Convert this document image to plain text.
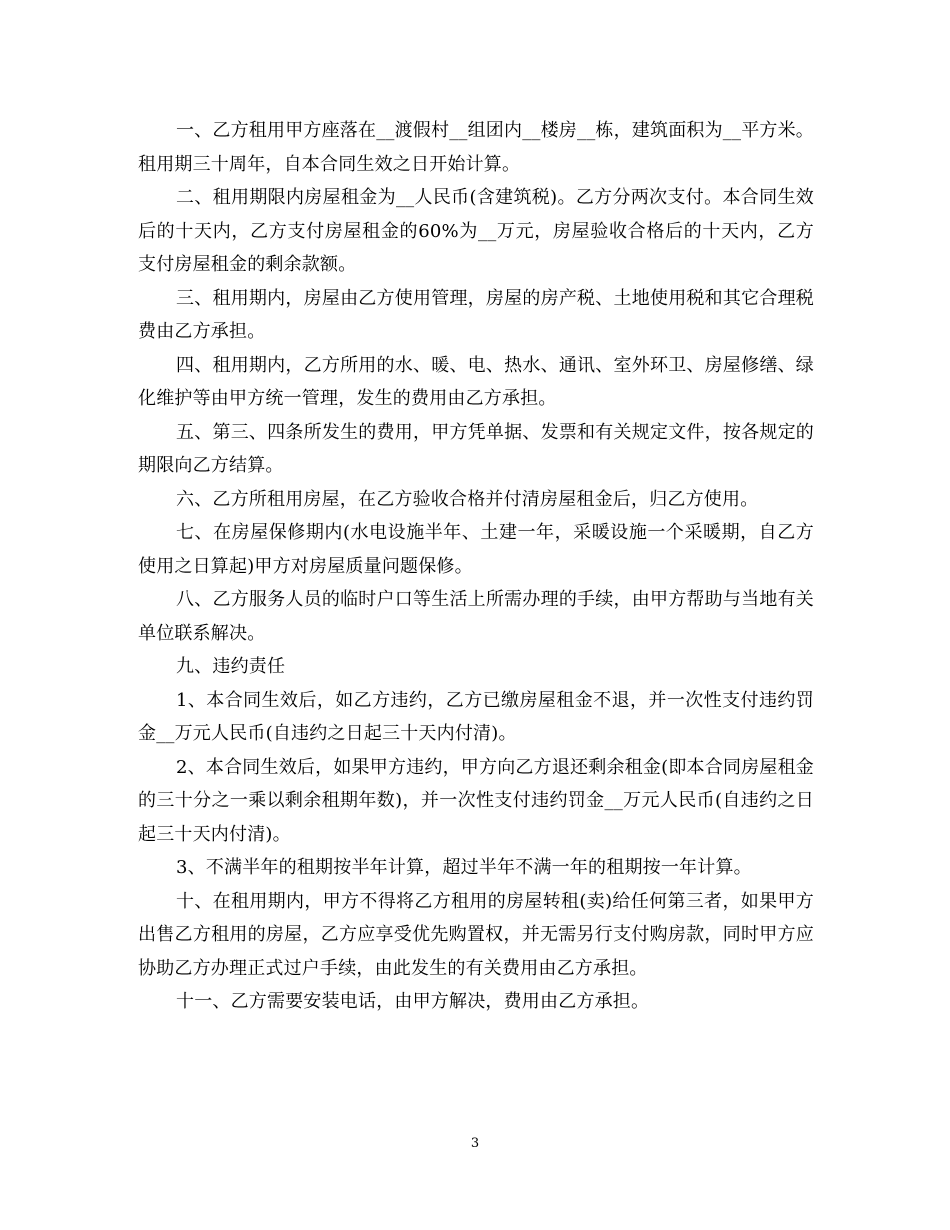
一、乙方租用甲方座落在__渡假村__组团内__楼房__栋，建筑面积为__平方米。租用期三十周年，自本合同生效之日开始计算。

二、租用期限内房屋租金为__人民币(含建筑税)。乙方分两次支付。本合同生效后的十天内，乙方支付房屋租金的60%为__万元，房屋验收合格后的十天内，乙方支付房屋租金的剩余款额。

三、租用期内，房屋由乙方使用管理，房屋的房产税、土地使用税和其它合理税费由乙方承担。

四、租用期内，乙方所用的水、暖、电、热水、通讯、室外环卫、房屋修缮、绿化维护等由甲方统一管理，发生的费用由乙方承担。

五、第三、四条所发生的费用，甲方凭单据、发票和有关规定文件，按各规定的期限向乙方结算。

六、乙方所租用房屋，在乙方验收合格并付清房屋租金后，归乙方使用。

七、在房屋保修期内(水电设施半年、土建一年，采暖设施一个采暖期，自乙方使用之日算起)甲方对房屋质量问题保修。

八、乙方服务人员的临时户口等生活上所需办理的手续，由甲方帮助与当地有关单位联系解决。

九、违约责任

1、本合同生效后，如乙方违约，乙方已缴房屋租金不退，并一次性支付违约罚金__万元人民币(自违约之日起三十天内付清)。

2、本合同生效后，如果甲方违约，甲方向乙方退还剩余租金(即本合同房屋租金的三十分之一乘以剩余租期年数)，并一次性支付违约罚金__万元人民币(自违约之日起三十天内付清)。

3、不满半年的租期按半年计算，超过半年不满一年的租期按一年计算。

十、在租用期内，甲方不得将乙方租用的房屋转租(卖)给任何第三者，如果甲方出售乙方租用的房屋，乙方应享受优先购置权，并无需另行支付购房款，同时甲方应协助乙方办理正式过户手续，由此发生的有关费用由乙方承担。

十一、乙方需要安装电话，由甲方解决，费用由乙方承担。

3
